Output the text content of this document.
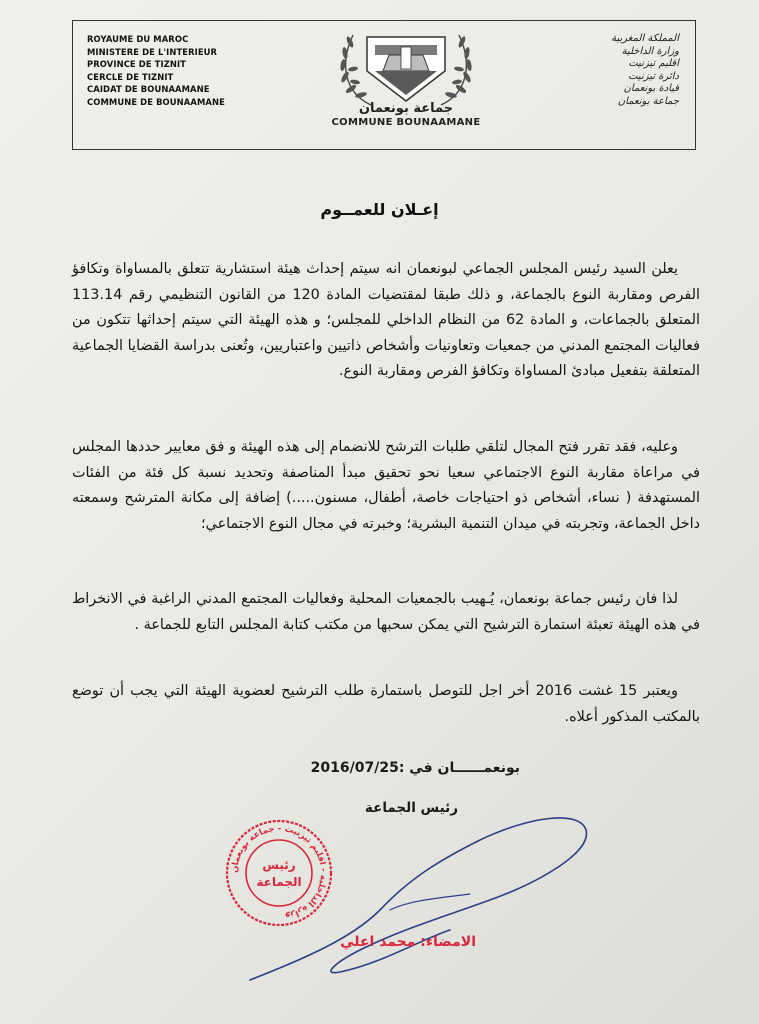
ROYAUME DU MAROC
MINISTERE DE L'INTERIEUR
PROVINCE DE TIZNIT
CERCLE DE TIZNIT
CAIDAT DE BOUNAAMANE
COMMUNE DE BOUNAAMANE	جماعة بونعمان
COMMUNE BOUNAAMANE
المملكة المغربية
وزارة الداخلية
اقليم تيزنيت
دائرة تيزنيت
قيادة بونعمان
جماعة بونعمان
إعـلان للعمــوم

يعلن السيد رئيس المجلس الجماعي لبونعمان انه سيتم إحداث هيئة استشارية تتعلق بالمساواة وتكافؤ الفرص ومقاربة النوع بالجماعة، و ذلك طبقا لمقتضيات المادة 120 من القانون التنظيمي رقم 113.14 المتعلق بالجماعات، و المادة 62 من النظام الداخلي للمجلس؛ و هذه الهيئة التي سيتم إحداثها تتكون من فعاليات المجتمع المدني من جمعيات وتعاونيات وأشخاص ذاتيين واعتباريين، وتُعنى بدراسة القضايا الجماعية المتعلقة بتفعيل مبادئ المساواة وتكافؤ الفرص ومقاربة النوع.

وعليه، فقد تقرر فتح المجال لتلقي طلبات الترشح للانضمام إلى هذه الهيئة و فق معايير حددها المجلس في مراعاة مقاربة النوع الاجتماعي سعيا نحو تحقيق مبدأ المناصفة وتحديد نسبة كل فئة من الفئات المستهدفة ( نساء، أشخاص ذو احتياجات خاصة، أطفال، مسنون.....) إضافة إلى مكانة المترشح وسمعته داخل الجماعة، وتجربته في ميدان التنمية البشرية؛ وخبرته في مجال النوع الاجتماعي؛

لذا فان رئيس جماعة بونعمان، يُـهيب بالجمعيات المحلية وفعاليات المجتمع المدني الراغبة في الانخراط في هذه الهيئة تعبئة استمارة الترشيح التي يمكن سحبها من مكتب كتابة المجلس التابع للجماعة .

ويعتبر 15 غشت 2016 أخر اجل للتوصل باستمارة طلب الترشيح لعضوية الهيئة التي يجب أن توضع بالمكتب المذكور أعلاه.

بونعمــــــان في :2016/07/25
رئيس الجماعة
وزارة الداخلية - اقليم تيزنيت - جماعة بونعمان
رئيس
الجماعة
الامضاء: محمد اعلي
